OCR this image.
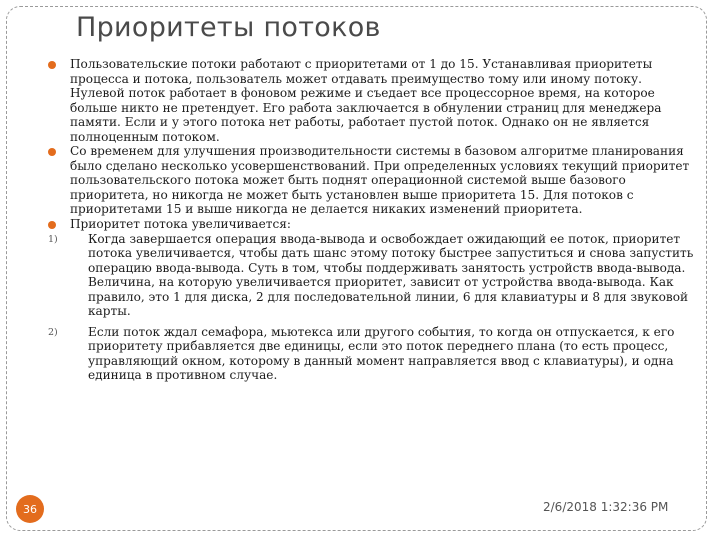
Приоритеты потоков

Пользовательские потоки работают с приоритетами от 1 до 15. Устанавливая приоритеты процесса и потока, пользователь может отдавать преимущество тому или иному потоку. Нулевой поток работает в фоновом режиме и съедает все процессорное время, на которое больше никто не претендует. Его работа заключается в обнулении страниц для менеджера памяти. Если и у этого потока нет работы, работает пустой поток. Однако он не является полноценным потоком.

Со временем для улучшения производительности системы в базовом алгоритме планирования было сделано несколько усовершенствований. При определенных условиях текущий приоритет пользовательского потока может быть поднят операционной системой выше базового приоритета, но никогда не может быть установлен выше приоритета 15. Для потоков с приоритетами 15 и выше никогда не делается никаких изменений приоритета.

Приоритет потока увеличивается:

1) Когда завершается операция ввода-вывода и освобождает ожидающий ее поток, приоритет потока увеличивается, чтобы дать шанс этому потоку быстрее запуститься и снова запустить операцию ввода-вывода. Суть в том, чтобы поддерживать занятость устройств ввода-вывода. Величина, на которую увеличивается приоритет, зависит от устройства ввода-вывода. Как правило, это 1 для диска, 2 для последовательной линии, 6 для клавиатуры и 8 для звуковой карты.

2) Если поток ждал семафора, мьютекса или другого события, то когда он отпускается, к его приоритету прибавляется две единицы, если это поток переднего плана (то есть процесс, управляющий окном, которому в данный момент направляется ввод с клавиатуры), и одна единица в противном случае.

36	2/6/2018 1:32:36 PM
